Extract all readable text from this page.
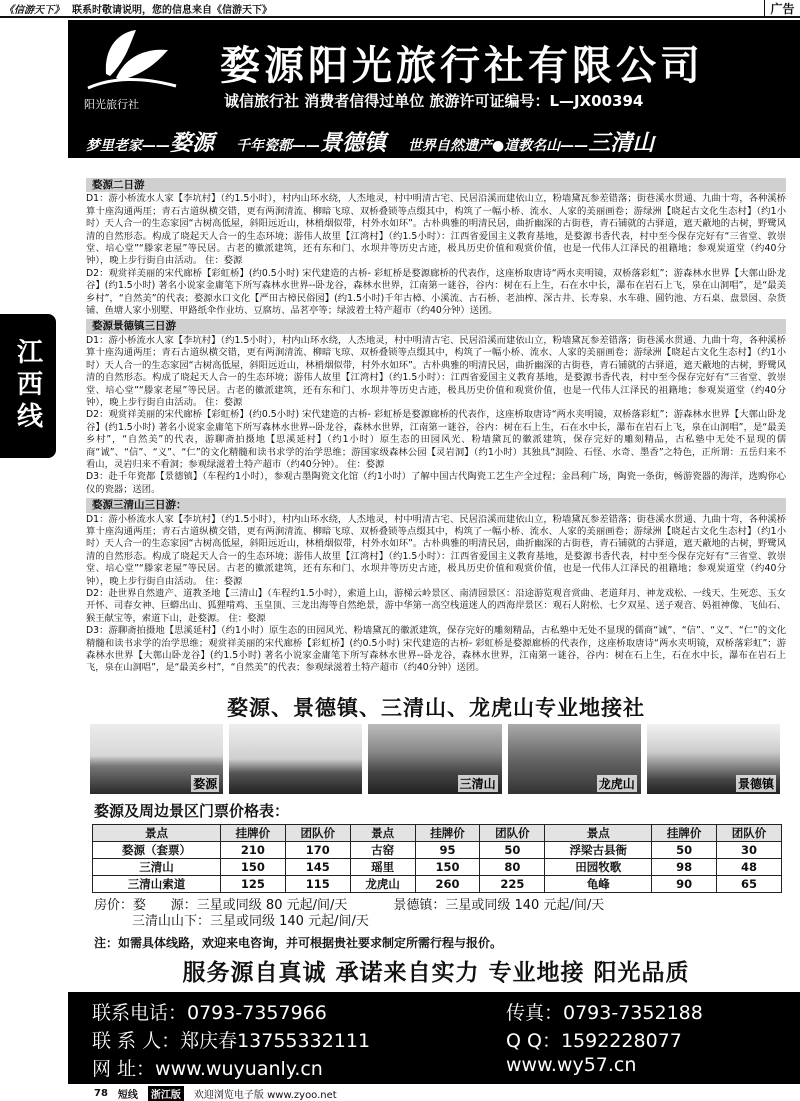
《信游天下》 联系时敬请说明，您的信息来自《信游天下》	广告
阳光旅行社
婺源阳光旅行社有限公司
诚信旅行社 消费者信得过单位 旅游许可证编号：L—JX00394
梦里老家—— 婺源 千年瓷都—— 景德镇 世界自然遗产●道教名山—— 三清山
江西线
婺源二日游

D1：游小桥流水人家【李坑村】（约1.5小时），村内山环水绕，人杰地灵，村中明清古宅、民居沿溪而建依山立，粉墙黛瓦参差错落；街巷溪水贯通、九曲十弯，各种溪桥算十座沟通两厓；青石古道纵横交错，更有两涧清流、柳暗飞琼、双桥叠锁等点缀其中，构筑了一幅小桥、流水、人家的美丽画卷；游绿洲【晓起古文化生态村】（约1小时）天人合一的生态家园“古树高低屋，斜阳远近山，林梢烟似带，村外水如环”。古朴典雅的明清民居，曲折幽深的古街巷，青石铺就的古驿道，遮天蔽地的古树，野鹭风清的自然形态。构成了晓起天人合一的生态环境；游伟人故里【江湾村】（约1.5小时）：江西省爱国主义教育基地，是婺源书香代表，村中至今保存完好有“三省堂、敦崇堂、培心堂”“滕家老屋”等民居。古老的徽派建筑，还有东和门、水坝井等历史古迹，极具历史价值和观赏价值，也是一代伟人江泽民的祖籍地；参观炭道堂（约40分钟），晚上步行街自由活动。 住：婺源

D2：观赏祥美丽的宋代廊桥【彩虹桥】(约0.5小时) 宋代建造的古桥- 彩虹桥是婺源廊桥的代表作，这座桥取唐诗“两水夹明镜，双桥落彩虹”；游森林水世界【大鄣山卧龙谷】(约1.5小时) 著名小说家金庸笔下所写森林水世界--卧龙谷，森林水世界，江南第一谜谷，谷内：树在石上生，石在水中长，瀑布在岩石上飞，泉在山洞唱”，是“最美乡村”，“自然美”的代表；婺源水口文化【严田古樟民俗园】(约1.5小时)千年古樟、小溪流、古石桥、老油榨、深古井、长寿泉、水车碓、圆钓池、方石桌、盘景园、杂货铺、鱼塘人家小别墅、甲路纸伞作业坊、豆腐坊、品茗亭等；绿波着土特产超市（约40分钟）送团。

婺源景德镇三日游

D1：游小桥流水人家【李坑村】（约1.5小时），村内山环水绕，人杰地灵，村中明清古宅、民居沿溪而建依山立，粉墙黛瓦参差错落；街巷溪水贯通、九曲十弯，各种溪桥算十座沟通两厓；青石古道纵横交错，更有两涧清流、柳暗飞琼、双桥叠锁等点缀其中，构筑了一幅小桥、流水、人家的美丽画卷；游绿洲【晓起古文化生态村】（约1小时）天人合一的生态家园“古树高低屋，斜阳远近山，林梢烟似带，村外水如环”。古朴典雅的明清民居，曲折幽深的古街巷，青石铺就的古驿道，遮天蔽地的古树，野鹭风清的自然形态。构成了晓起天人合一的生态环境；游伟人故里【江湾村】（约1.5小时）：江西省爱国主义教育基地，是婺源书香代表，村中至今保存完好有“三省堂、敦崇堂、培心堂”“滕家老屋”等民居。古老的徽派建筑，还有东和门、水坝井等历史古迹，极具历史价值和观赏价值，也是一代伟人江泽民的祖籍地；参观炭道堂（约40分钟），晚上步行街自由活动。 住：婺源

D2：观赏祥美丽的宋代廊桥【彩虹桥】(约0.5小时) 宋代建造的古桥- 彩虹桥是婺源廊桥的代表作，这座桥取唐诗“两水夹明镜，双桥落彩虹”；游森林水世界【大鄣山卧龙谷】(约1.5小时) 著名小说家金庸笔下所写森林水世界--卧龙谷，森林水世界，江南第一谜谷，谷内：树在石上生，石在水中长，瀑布在岩石上飞，泉在山洞唱”，是“最美乡村”，“自然美”的代表，游聊斋拍摄地【思溪延村】（约1小时）原生态的田园风光、粉墙黛瓦的徽派建筑，保存完好的雕刻精品，古私塾中无处不显现的儒商“诚”、“信”、“义”、“仁”的文化精髓和读书求学的治学思维；游国家级森林公园【灵岩洞】（约1小时）其独具“洞险、石怪、水奇、墨香”之特色，正所谓：五岳归来不看山，灵岩归来不看洞；参观绿滋着土特产超市（约40分钟）。 住：婺源

D3：赴千年瓷都【景德镇】（车程约1小时），参观古墨陶瓷文化馆（约1小时）了解中国古代陶瓷工艺生产全过程；金昌利广场，陶瓷一条街，畅游瓷器的海洋，选购你心仪的瓷器；送团。

婺源三清山三日游：

D1：游小桥流水人家【李坑村】（约1.5小时），村内山环水绕，人杰地灵，村中明清古宅、民居沿溪而建依山立，粉墙黛瓦参差错落；街巷溪水贯通、九曲十弯，各种溪桥算十座沟通两厓；青石古道纵横交错，更有两涧清流、柳暗飞琼、双桥叠锁等点缀其中，构筑了一幅小桥、流水、人家的美丽画卷；游绿洲【晓起古文化生态村】（约1小时）天人合一的生态家园“古树高低屋，斜阳远近山，林梢烟似带，村外水如环”。古朴典雅的明清民居，曲折幽深的古街巷，青石铺就的古驿道，遮天蔽地的古树，野鹭风清的自然形态。构成了晓起天人合一的生态环境；游伟人故里【江湾村】（约1.5小时）：江西省爱国主义教育基地，是婺源书香代表，村中至今保存完好有“三省堂、敦崇堂、培心堂”“滕家老屋”等民居。古老的徽派建筑，还有东和门、水坝井等历史古迹，极具历史价值和观赏价值，也是一代伟人江泽民的祖籍地；参观炭道堂（约40分钟），晚上步行街自由活动。 住：婺源

D2：赴世界自然遗产、道教圣地【三清山】（车程约1.5小时），索道上山，游梯云岭景区、南清园景区：沿途游览观音赏曲、老道拜月、神龙戏松、一线天、生死恋、玉女开怀、司春女神、巨蟒出山、狐狸啃鸡、玉皇顶、三龙出海等自然绝景，游中华第一高空栈道迷人的西海岸景区：观石人附松、七夕双星、送子观音、妈祖神像、飞仙石、猴王献宝等，索道下山，赴婺源。 住：婺源

D3：游聊斋拍摄地【思溪延村】（约1小时）原生态的田园风光、粉墙黛瓦的徽派建筑，保存完好的雕刻精品，古私塾中无处不显现的儒商“诚”、“信”、“义”、“仁”的文化精髓和读书求学的治学思维；观赏祥美丽的宋代廊桥【彩虹桥】(约0.5小时) 宋代建造的古桥- 彩虹桥是婺源廊桥的代表作，这座桥取唐诗“两水夹明镜，双桥落彩虹”；游森林水世界【大鄣山卧龙谷】(约1.5小时) 著名小说家金庸笔下所写森林水世界--卧龙谷，森林水世界，江南第一谜谷，谷内：树在石上生，石在水中长，瀑布在岩石上飞，泉在山洞唱”，是“最美乡村”，“自然美”的代表；参观绿滋着土特产超市（约40分钟）送团。

婺源、景德镇、三清山、龙虎山专业地接社
婺源	三清山	龙虎山	景德镇
婺源及周边景区门票价格表：
景点	挂牌价	团队价	景点	挂牌价	团队价	景点	挂牌价	团队价
婺源（套票）	210	170	古窑	95	50	浮梁古县衙	50	30
三清山	150	145	瑶里	150	80	田园牧歌	98	48
三清山索道	125	115	龙虎山	260	225	龟峰	90	65
房价：婺      源：三星或同级 80 元起/间/天	景德镇：三星或同级 140 元起/间/天
三清山山下：三星或同级 140 元起/间/天
注：如需具体线路，欢迎来电咨询，并可根据贵社要求制定所需行程与报价。
服务源自真诚 承诺来自实力 专业地接 阳光品质
联系电话：0793-7357966	传真：0793-7352188
联 系 人：郑庆春13755332111	Q Q：1592228077
网 址：www.wuyuanly.cn	www.wy57.cn
78 短线	浙江版	欢迎浏览电子版 www.zyoo.net
